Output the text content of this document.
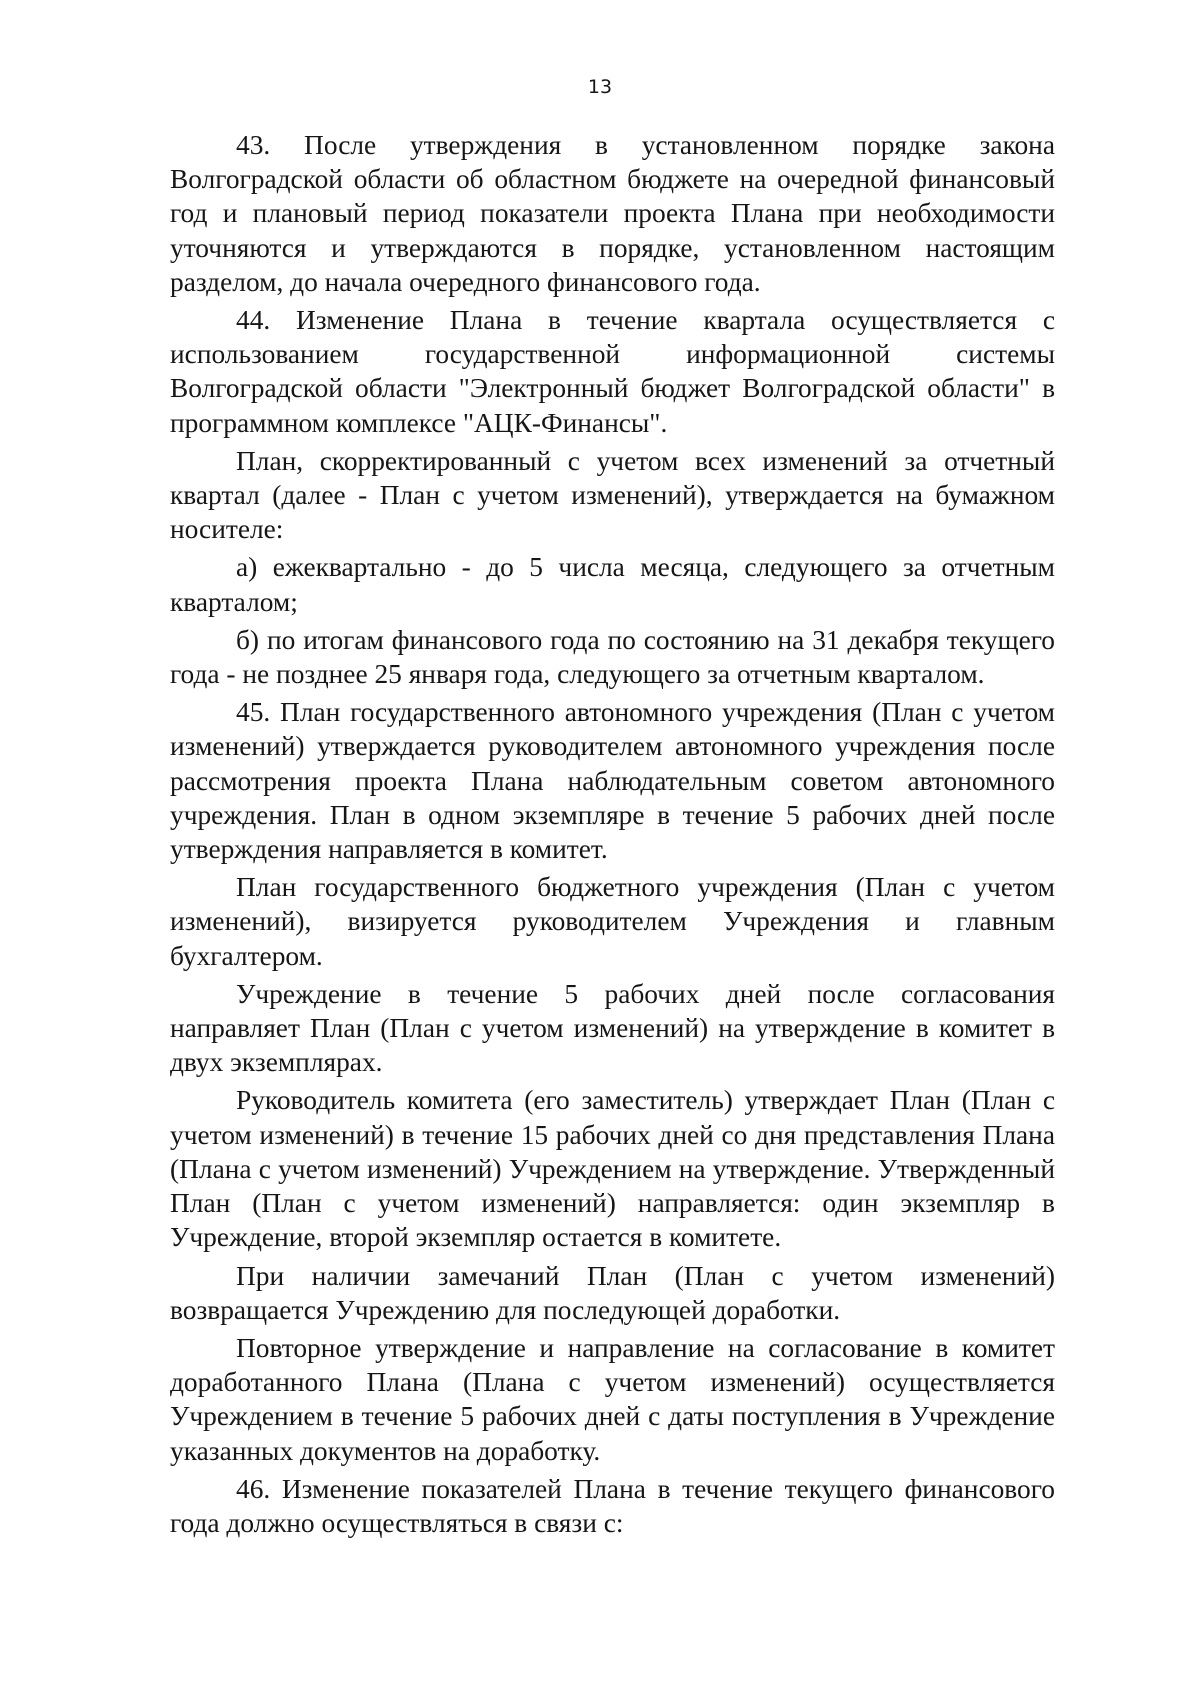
13

43. После утверждения в установленном порядке закона Волгоградской области об областном бюджете на очередной финансовый год и плановый период показатели проекта Плана при необходимости уточняются и утверждаются в порядке, установленном настоящим разделом, до начала очередного финансового года.

44. Изменение Плана в течение квартала осуществляется с использованием государственной информационной системы Волгоградской области "Электронный бюджет Волгоградской области" в программном комплексе "АЦК-Финансы".

План, скорректированный с учетом всех изменений за отчетный квартал (далее - План с учетом изменений), утверждается на бумажном носителе:

а) ежеквартально - до 5 числа месяца, следующего за отчетным кварталом;

б) по итогам финансового года по состоянию на 31 декабря текущего года - не позднее 25 января года, следующего за отчетным кварталом.

45. План государственного автономного учреждения (План с учетом изменений) утверждается руководителем автономного учреждения после рассмотрения проекта Плана наблюдательным советом автономного учреждения. План в одном экземпляре в течение 5 рабочих дней после утверждения направляется в комитет.

План государственного бюджетного учреждения (План с учетом изменений), визируется руководителем Учреждения и главным бухгалтером.

Учреждение в течение 5 рабочих дней после согласования направляет План (План с учетом изменений) на утверждение в комитет в двух экземплярах.

Руководитель комитета (его заместитель) утверждает План (План с учетом изменений) в течение 15 рабочих дней со дня представления Плана (Плана с учетом изменений) Учреждением на утверждение. Утвержденный План (План с учетом изменений) направляется: один экземпляр в Учреждение, второй экземпляр остается в комитете.

При наличии замечаний План (План с учетом изменений) возвращается Учреждению для последующей доработки.

Повторное утверждение и направление на согласование в комитет доработанного Плана (Плана с учетом изменений) осуществляется Учреждением в течение 5 рабочих дней с даты поступления в Учреждение указанных документов на доработку.

46. Изменение показателей Плана в течение текущего финансового года должно осуществляться в связи с:
